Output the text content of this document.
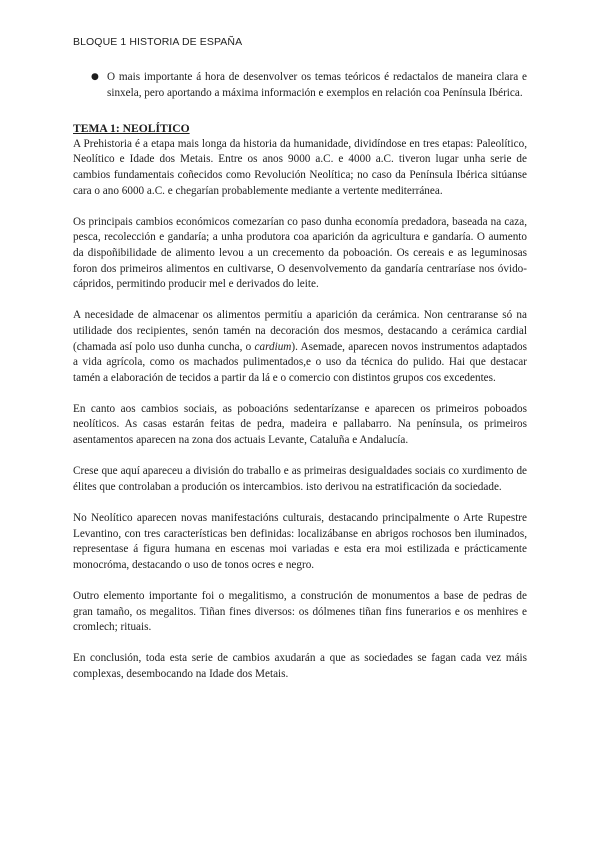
BLOQUE 1 HISTORIA DE ESPAÑA
● O mais importante á hora de desenvolver os temas teóricos é redactalos de maneira clara e sinxela, pero aportando a máxima información e exemplos en relación coa Península Ibérica.
TEMA 1: NEOLÍTICO

A Prehistoria é a etapa mais longa da historia da humanidade, dividíndose en tres etapas: Paleolítico, Neolítico e Idade dos Metais. Entre os anos 9000 a.C. e 4000 a.C. tiveron lugar unha serie de cambios fundamentais coñecidos como Revolución Neolítica; no caso da Península Ibérica sitúanse cara o ano 6000 a.C. e chegarían probablemente mediante a vertente mediterránea.

Os principais cambios económicos comezarían co paso dunha economía predadora, baseada na caza, pesca, recolección e gandaría; a unha produtora coa aparición da agricultura e gandaría. O aumento da dispoñibilidade de alimento levou a un crecemento da poboación. Os cereais e as leguminosas foron dos primeiros alimentos en cultivarse, O desenvolvemento da gandaría centraríase nos óvido-cápridos, permitindo producir mel e derivados do leite.

A necesidade de almacenar os alimentos permitíu a aparición da cerámica. Non centraranse só na utilidade dos recipientes, senón tamén na decoración dos mesmos, destacando a cerámica cardial (chamada así polo uso dunha cuncha, o cardium). Asemade, aparecen novos instrumentos adaptados a vida agrícola, como os machados pulimentados,e o uso da técnica do pulido. Hai que destacar tamén a elaboración de tecidos a partir da lá e o comercio con distintos grupos cos excedentes.

En canto aos cambios sociais, as poboacións sedentarízanse e aparecen os primeiros poboados neolíticos. As casas estarán feitas de pedra, madeira e pallabarro. Na península, os primeiros asentamentos aparecen na zona dos actuais Levante, Cataluña e Andalucía.

Crese que aquí apareceu a división do traballo e as primeiras desigualdades sociais co xurdimento de élites que controlaban a produción os intercambios. isto derivou na estratificación da sociedade.

No Neolítico aparecen novas manifestacións culturais, destacando principalmente o Arte Rupestre Levantino, con tres características ben definidas: localizábanse en abrigos rochosos ben iluminados, representase á figura humana en escenas moi variadas e esta era moi estilizada e prácticamente monocróma, destacando o uso de tonos ocres e negro.

Outro elemento importante foi o megalitismo, a construción de monumentos a base de pedras de gran tamaño, os megalitos. Tiñan fines diversos: os dólmenes tiñan fins funerarios e os menhires e cromlech; rituais.

En conclusión, toda esta serie de cambios axudarán a que as sociedades se fagan cada vez máis complexas, desembocando na Idade dos Metais.
